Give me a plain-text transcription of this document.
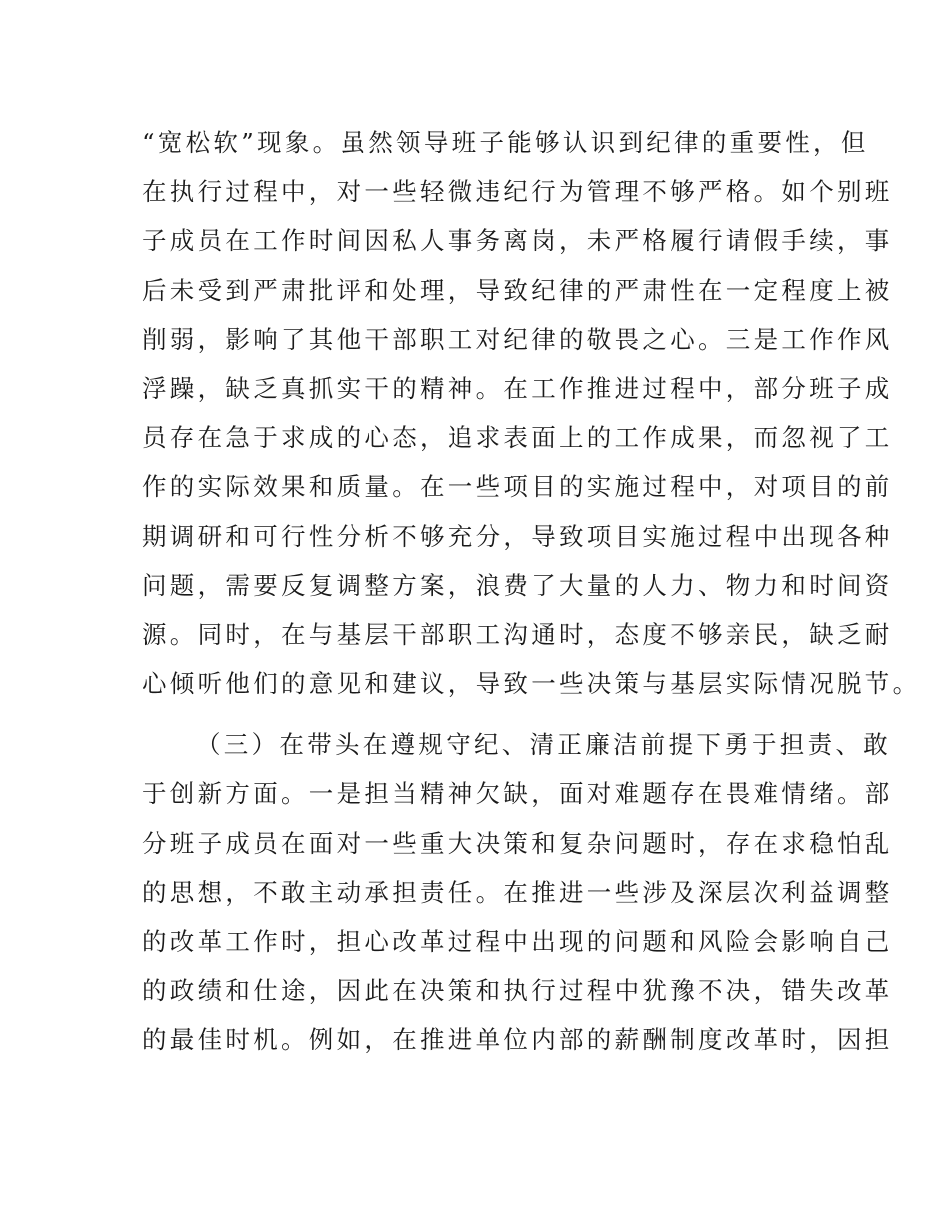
“宽松软”现象。虽然领导班子能够认识到纪律的重要性，但
在执行过程中，对一些轻微违纪行为管理不够严格。如个别班
子成员在工作时间因私人事务离岗，未严格履行请假手续，事
后未受到严肃批评和处理，导致纪律的严肃性在一定程度上被
削弱，影响了其他干部职工对纪律的敬畏之心。三是工作作风
浮躁，缺乏真抓实干的精神。在工作推进过程中，部分班子成
员存在急于求成的心态，追求表面上的工作成果，而忽视了工
作的实际效果和质量。在一些项目的实施过程中，对项目的前
期调研和可行性分析不够充分，导致项目实施过程中出现各种
问题，需要反复调整方案，浪费了大量的人力、物力和时间资
源。同时，在与基层干部职工沟通时，态度不够亲民，缺乏耐
心倾听他们的意见和建议，导致一些决策与基层实际情况脱节。
（三）在带头在遵规守纪、清正廉洁前提下勇于担责、敢
于创新方面。一是担当精神欠缺，面对难题存在畏难情绪。部
分班子成员在面对一些重大决策和复杂问题时，存在求稳怕乱
的思想，不敢主动承担责任。在推进一些涉及深层次利益调整
的改革工作时，担心改革过程中出现的问题和风险会影响自己
的政绩和仕途，因此在决策和执行过程中犹豫不决，错失改革
的最佳时机。例如，在推进单位内部的薪酬制度改革时，因担
